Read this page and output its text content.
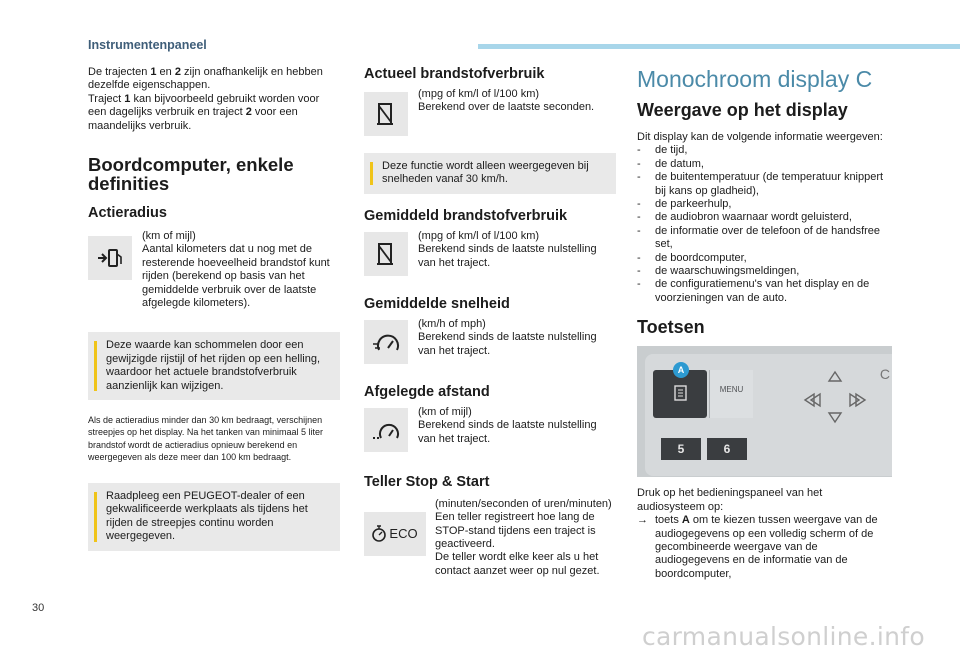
Instrumentenpaneel

De trajecten 1 en 2 zijn onafhankelijk en hebben dezelfde eigenschappen.

Traject 1 kan bijvoorbeeld gebruikt worden voor een dagelijks verbruik en traject 2 voor een maandelijks verbruik.

Boordcomputer, enkele definities
Actieradius
(km of mijl)
Aantal kilometers dat u nog met de resterende hoeveelheid brandstof kunt rijden (berekend op basis van het gemiddelde verbruik over de laatste afgelegde kilometers).
Deze waarde kan schommelen door een gewijzigde rijstijl of het rijden op een helling, waardoor het actuele brandstofverbruik aanzienlijk kan wijzigen.

Als de actieradius minder dan 30 km bedraagt, verschijnen streepjes op het display. Na het tanken van minimaal 5 liter brandstof wordt de actieradius opnieuw berekend en weergegeven als deze meer dan 100 km bedraagt.

Raadpleeg een PEUGEOT-dealer of een gekwalificeerde werkplaats als tijdens het rijden de streepjes continu worden weergegeven.
Actueel brandstofverbruik
(mpg of km/l of l/100 km)
Berekend over de laatste seconden.
Deze functie wordt alleen weergegeven bij snelheden vanaf 30 km/h.
Gemiddeld brandstofverbruik
(mpg of km/l of l/100 km)
Berekend sinds de laatste nulstelling van het traject.
Gemiddelde snelheid
(km/h of mph)
Berekend sinds de laatste nulstelling van het traject.
Afgelegde afstand
(km of mijl)
Berekend sinds de laatste nulstelling van het traject.
Teller Stop & Start
ECO
(minuten/seconden of uren/minuten)
Een teller registreert hoe lang de STOP-stand tijdens een traject is geactiveerd.
De teller wordt elke keer als u het contact aanzet weer op nul gezet.
Monochroom display C
Weergave op het display

Dit display kan de volgende informatie weergeven:

- de tijd,
- de datum,
- de buitentemperatuur (de temperatuur knippert bij kans op gladheid),
- de parkeerhulp,
- de audiobron waarnaar wordt geluisterd,
- de informatie over de telefoon of de handsfree set,
- de boordcomputer,
- de waarschuwingsmeldingen,
- de configuratiemenu's van het display en de voorzieningen van de auto.
Toetsen
A
MENU
5	6
C

Druk op het bedieningspaneel van het audiosysteem op:

→ toets A om te kiezen tussen weergave van de audiogegevens op een volledig scherm of de gecombineerde weergave van de audiogegevens en de informatie van de boordcomputer,

30
carmanualsonline.info
